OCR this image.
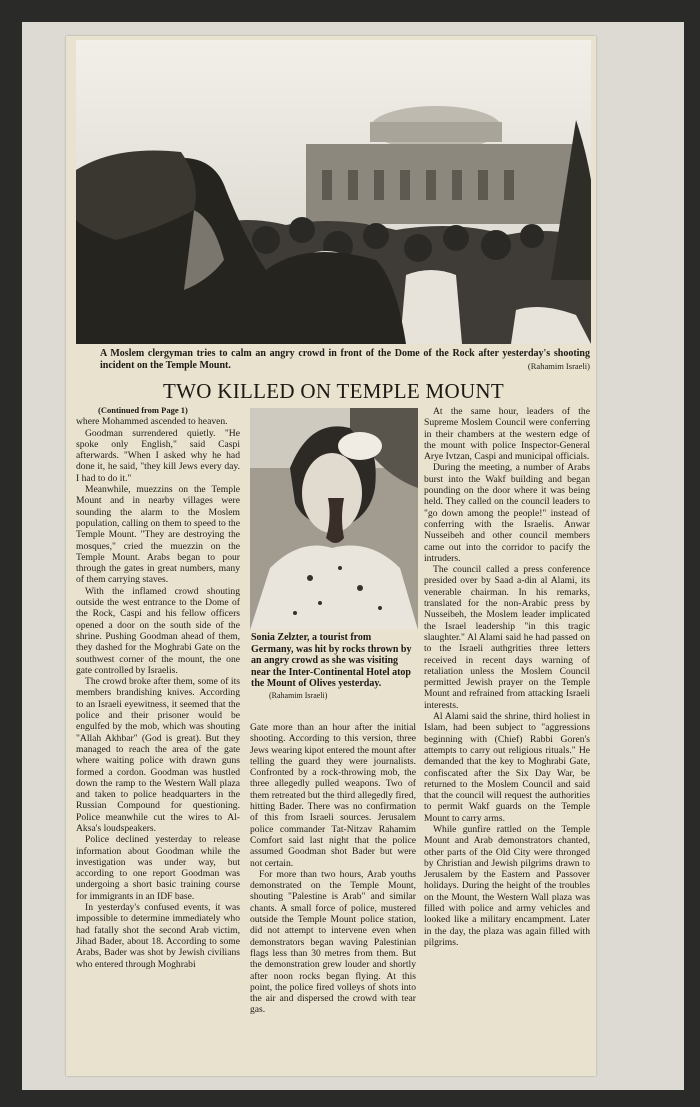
A Moslem clergyman tries to calm an angry crowd in front of the Dome of the Rock after yesterday's shooting incident on the Temple Mount.	(Rahamim Israeli)
TWO KILLED ON TEMPLE MOUNT
(Continued from Page 1)

where Mohammed ascended to heaven.

Goodman surrendered quietly. "He spoke only English," said Caspi afterwards. "When I asked why he had done it, he said, "they kill Jews every day. I had to do it."

Meanwhile, muezzins on the Temple Mount and in nearby villages were sounding the alarm to the Moslem population, calling on them to speed to the Temple Mount. "They are destroying the mosques," cried the muezzin on the Temple Mount. Arabs began to pour through the gates in great numbers, many of them carrying staves.

With the inflamed crowd shouting outside the west entrance to the Dome of the Rock, Caspi and his fellow officers opened a door on the south side of the shrine. Pushing Goodman ahead of them, they dashed for the Moghrabi Gate on the southwest corner of the mount, the one gate controlled by Israelis.

The crowd broke after them, some of its members brandishing knives. According to an Israeli eyewitness, it seemed that the police and their prisoner would be engulfed by the mob, which was shouting "Allah Akhbar" (God is great). But they managed to reach the area of the gate where waiting police with drawn guns formed a cordon. Goodman was hustled down the ramp to the Western Wall plaza and taken to police headquarters in the Russian Compound for questioning. Police meanwhile cut the wires to Al-Aksa's loudspeakers.

Police declined yesterday to release information about Goodman while the investigation was under way, but according to one report Goodman was undergoing a short basic training course for immigrants in an IDF base.

In yesterday's confused events, it was impossible to determine immediately who had fatally shot the second Arab victim, Jihad Bader, about 18. According to some Arabs, Bader was shot by Jewish civilians who entered through Moghrabi

Sonia Zelzter, a tourist from Germany, was hit by rocks thrown by an angry crowd as she was visiting near the Inter-Continental Hotel atop the Mount of Olives yesterday. (Rahamim Israeli)

Gate more than an hour after the initial shooting. According to this version, three Jews wearing kipot entered the mount after telling the guard they were journalists. Confronted by a rock-throwing mob, the three allegedly pulled weapons. Two of them retreated but the third allegedly fired, hitting Bader. There was no confirmation of this from Israeli sources. Jerusalem police commander Tat-Nitzav Rahamim Comfort said last night that the police assumed Goodman shot Bader but were not certain.

For more than two hours, Arab youths demonstrated on the Temple Mount, shouting "Palestine is Arab" and similar chants. A small force of police, mustered outside the Temple Mount police station, did not attempt to intervene even when demonstrators began waving Palestinian flags less than 30 metres from them. But the demonstration grew louder and shortly after noon rocks began flying. At this point, the police fired volleys of shots into the air and dispersed the crowd with tear gas.

At the same hour, leaders of the Supreme Moslem Council were conferring in their chambers at the western edge of the mount with police Inspector-General Arye Ivtzan, Caspi and municipal officials.

During the meeting, a number of Arabs burst into the Wakf building and began pounding on the door where it was being held. They called on the council leaders to "go down among the people!" instead of conferring with the Israelis. Anwar Nusseibeh and other council members came out into the corridor to pacify the intruders.

The council called a press conference presided over by Saad a-din al Alami, its venerable chairman. In his remarks, translated for the non-Arabic press by Nusseibeh, the Moslem leader implicated the Israel leadership "in this tragic slaughter." Al Alami said he had passed on to the Israeli authgrities three letters received in recent days warning of retaliation unless the Moslem Council permitted Jewish prayer on the Temple Mount and refrained from attacking Israeli interests.

Al Alami said the shrine, third holiest in Islam, had been subject to "aggressions beginning with (Chief) Rabbi Goren's attempts to carry out religious rituals." He demanded that the key to Moghrabi Gate, confiscated after the Six Day War, be returned to the Moslem Council and said that the council will request the authorities to permit Wakf guards on the Temple Mount to carry arms.

While gunfire rattled on the Temple Mount and Arab demonstrators chanted, other parts of the Old City were thronged by Christian and Jewish pilgrims drawn to Jerusalem by the Eastern and Passover holidays. During the height of the troubles on the Mount, the Western Wall plaza was filled with police and army vehicles and looked like a military encampment. Later in the day, the plaza was again filled with pilgrims.
